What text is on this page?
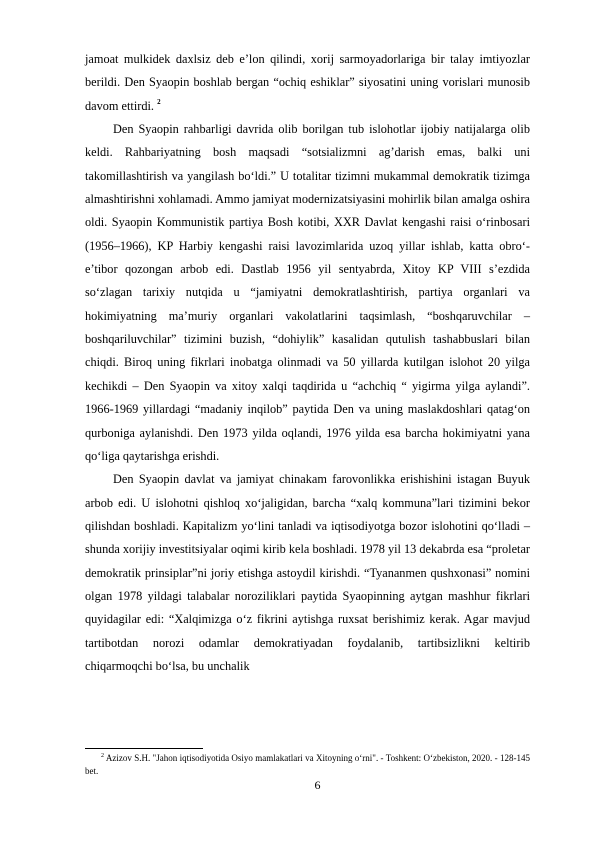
jamoat mulkidek daxlsiz deb e’lon qilindi, xorij sarmoyadorlariga bir talay imtiyozlar berildi. Den Syaopin boshlab bergan “ochiq eshiklar” siyosatini uning vorislari munosib davom ettirdi. $^2$

Den Syaopin rahbarligi davrida olib borilgan tub islohotlar ijobiy natijalarga olib keldi. Rahbariyatning bosh maqsadi “sotsializmni ag’darish emas, balki uni takomillashtirish va yangilash bo‘ldi.” U totalitar tizimni mukammal demokratik tizimga almashtirishni xohlamadi. Ammo jamiyat modernizatsiyasini mohirlik bilan amalga oshira oldi. Syaopin Kommunistik partiya Bosh kotibi, XXR Davlat kengashi raisi o‘rinbosari (1956–1966), KP Harbiy kengashi raisi lavozimlarida uzoq yillar ishlab, katta obro‘-e’tibor qozongan arbob edi. Dastlab 1956 yil sentyabrda, Xitoy KP VIII s’ezdida so‘zlagan tarixiy nutqida u “jamiyatni demokratlashtirish, partiya organlari va hokimiyatning ma’muriy organlari vakolatlarini taqsimlash, “boshqaruvchilar – boshqariluvchilar” tizimini buzish, “dohiylik” kasalidan qutulish tashabbuslari bilan chiqdi. Biroq uning fikrlari inobatga olinmadi va 50 yillarda kutilgan islohot 20 yilga kechikdi – Den Syaopin va xitoy xalqi taqdirida u “achchiq “ yigirma yilga aylandi”. 1966-1969 yillardagi “madaniy inqilob” paytida Den va uning maslakdoshlari qatag‘on qurboniga aylanishdi. Den 1973 yilda oqlandi, 1976 yilda esa barcha hokimiyatni yana qo‘liga qaytarishga erishdi.

Den Syaopin davlat va jamiyat chinakam farovonlikka erishishini istagan Buyuk arbob edi. U islohotni qishloq xo‘jaligidan, barcha “xalq kommuna”lari tizimini bekor qilishdan boshladi. Kapitalizm yo‘lini tanladi va iqtisodiyotga bozor islohotini qo‘lladi – shunda xorijiy investitsiyalar oqimi kirib kela boshladi. 1978 yil 13 dekabrda esa “proletar demokratik prinsiplar”ni joriy etishga astoydil kirishdi. “Tyananmen qushxonasi” nomini olgan 1978 yildagi talabalar noroziliklari paytida Syaopinning aytgan mashhur fikrlari quyidagilar edi: “Xalqimizga o‘z fikrini aytishga ruxsat berishimiz kerak. Agar mavjud tartibotdan norozi odamlar demokratiyadan foydalanib, tartibsizlikni keltirib chiqarmoqchi bo‘lsa, bu unchalik

$^2$ Azizov S.H. "Jahon iqtisodiyotida Osiyo mamlakatlari va Xitoyning o‘rni". - Toshkent: O‘zbekiston, 2020. - 128-145 bet.
6
